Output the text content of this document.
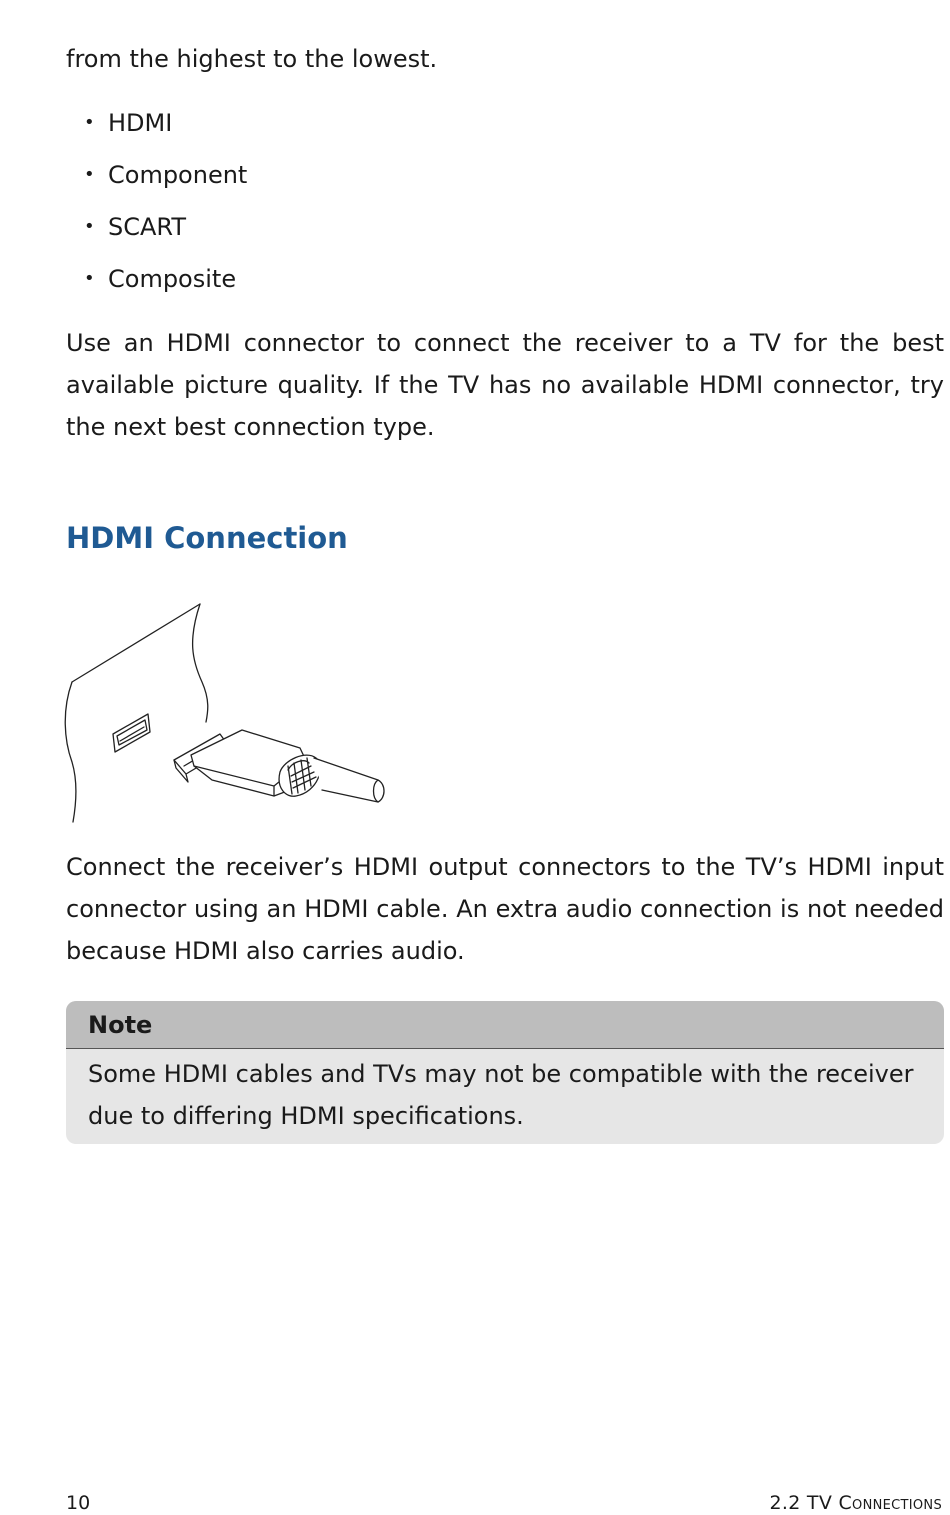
from the highest to the lowest.
• HDMI
• Component
• SCART
• Composite
Use an HDMI connector to connect the receiver to a TV for the best available picture quality. If the TV has no available HDMI connector, try the next best connection type.
HDMI Connection
Connect the receiver’s HDMI output connectors to the TV’s HDMI input connector using an HDMI cable. An extra audio connection is not needed because HDMI also carries audio.
Note
Some HDMI cables and TVs may not be compatible with the receiver due to differing HDMI specifications.
10	2.2 TV Connections
